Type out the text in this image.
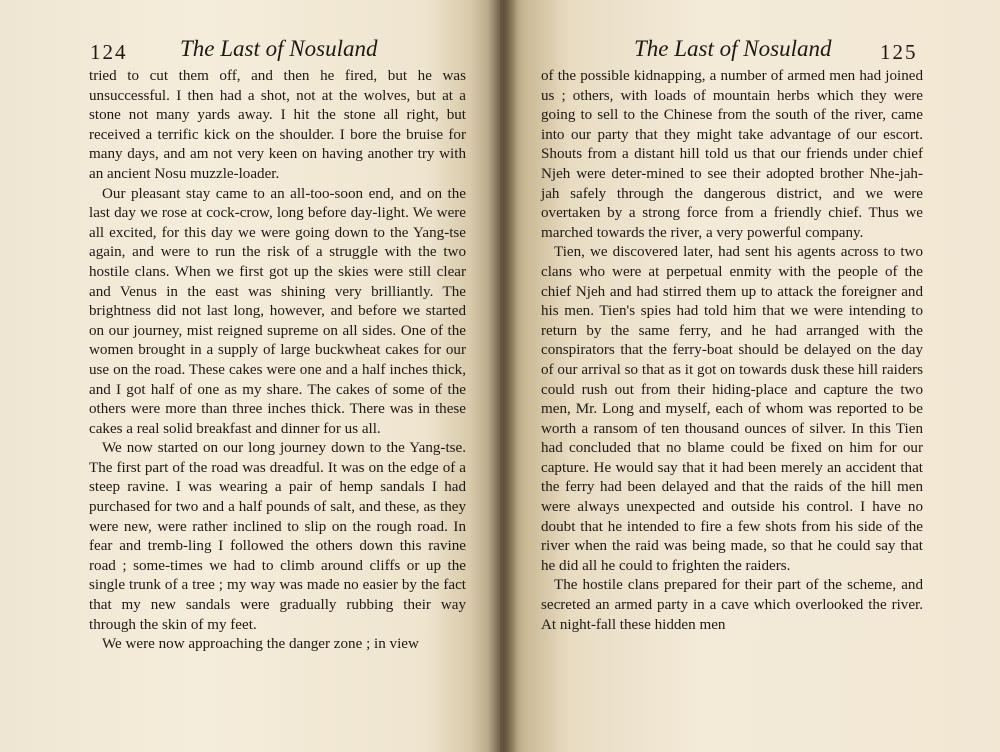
124 The Last of Nosuland

tried to cut them off, and then he fired, but he was unsuccessful. I then had a shot, not at the wolves, but at a stone not many yards away. I hit the stone all right, but received a terrific kick on the shoulder. I bore the bruise for many days, and am not very keen on having another try with an ancient Nosu muzzle-loader.

Our pleasant stay came to an all-too-soon end, and on the last day we rose at cock-crow, long before day-light. We were all excited, for this day we were going down to the Yang-tse again, and were to run the risk of a struggle with the two hostile clans. When we first got up the skies were still clear and Venus in the east was shining very brilliantly. The brightness did not last long, however, and before we started on our journey, mist reigned supreme on all sides. One of the women brought in a supply of large buckwheat cakes for our use on the road. These cakes were one and a half inches thick, and I got half of one as my share. The cakes of some of the others were more than three inches thick. There was in these cakes a real solid breakfast and dinner for us all.

We now started on our long journey down to the Yang-tse. The first part of the road was dreadful. It was on the edge of a steep ravine. I was wearing a pair of hemp sandals I had purchased for two and a half pounds of salt, and these, as they were new, were rather inclined to slip on the rough road. In fear and tremb-ling I followed the others down this ravine road ; some-times we had to climb around cliffs or up the single trunk of a tree ; my way was made no easier by the fact that my new sandals were gradually rubbing their way through the skin of my feet.

We were now approaching the danger zone ; in view

The Last of Nosuland 125

of the possible kidnapping, a number of armed men had joined us ; others, with loads of mountain herbs which they were going to sell to the Chinese from the south of the river, came into our party that they might take advantage of our escort. Shouts from a distant hill told us that our friends under chief Njeh were deter-mined to see their adopted brother Nhe-jah-jah safely through the dangerous district, and we were overtaken by a strong force from a friendly chief. Thus we marched towards the river, a very powerful company.

Tien, we discovered later, had sent his agents across to two clans who were at perpetual enmity with the people of the chief Njeh and had stirred them up to attack the foreigner and his men. Tien's spies had told him that we were intending to return by the same ferry, and he had arranged with the conspirators that the ferry-boat should be delayed on the day of our arrival so that as it got on towards dusk these hill raiders could rush out from their hiding-place and capture the two men, Mr. Long and myself, each of whom was reported to be worth a ransom of ten thousand ounces of silver. In this Tien had concluded that no blame could be fixed on him for our capture. He would say that it had been merely an accident that the ferry had been delayed and that the raids of the hill men were always unexpected and outside his control. I have no doubt that he intended to fire a few shots from his side of the river when the raid was being made, so that he could say that he did all he could to frighten the raiders.

The hostile clans prepared for their part of the scheme, and secreted an armed party in a cave which overlooked the river. At night-fall these hidden men
